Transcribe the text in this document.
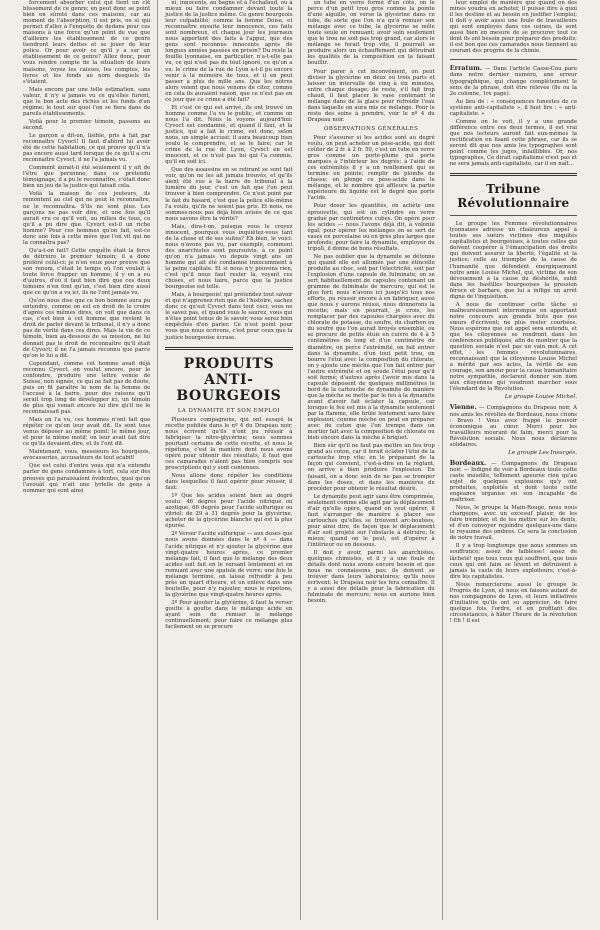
forcement absorber celui qui tient un clé blissement de ce genre; en peut donc se point bien en sûreté dans ces maisons, car au moment de l'absorption, il est pris, ou si qui permet d'aller à l'enquête de dedans pour ces maisons à une force qu'un point de vue que d'ailleurs les établissement de ce genre tiendront leurs dettes et se jouer de leur police. Or pour avoir ce qu'il y a sur un établissement de ce genre? Allez donc, pour vous rendre compte de la situation de leurs maisons, voyez les caisses, les comptes, les livres et les fonds au nom desquels ils s'étaient.

Mais encore par une telle estimation, sans valeur, il n'y a jamais vu ce qu'elles furent, que le bon acte des riches et les fonds d'un régime; le tout sur quoi l'on se fiera dans de pareils établissements.

Voilà pour le premier témoin, passons au second.

Le garçon a dit-on, lisible, pris à fait par reconnaître Cyvoct! Il faut d'abord lui avoir été de cette habitation, ce qui prouve qu'il n'a pas encore aussi tard lorsque de ce qu'il a cru reconnaître Cyvoct, il ne l'a jamais vu.

Comment aurait-il été seulement il y ait de l'être que personne, dans ce prétendu témoignage, il a pu le reconnaître, c'était donc bien un jeu de la justice qui faisait cela.

Voilà la maison de ces jouteurs, ils remontent au ciel qui ne peut le reconnaître, ne le reconnaîtra. S'ils ne sont plus. Les garçons ne pas voir dire, et une fois qu'il aurait cru ce qu'il voit, au milieu de tous, ce qu'il a pu dire que. Cyvoct est-il un riche homme? Pour ces hommes qu'on fait, est-ce donc une fois à cette mère que l'on vit qui ne la connaîtra pas?

Qu'a-t-on fait? Cette enquête était la force de détruire le premier témoin; il a donc préféré celui-ci; je n'en veux pour preuve que son renom, c'était le temps où l'on voulait à toute force frapper un homme; il y en a eu d'autres, d'où il faut bien dire que ces deux témoins n'en font qu'un, c'est bien dire aussi que ce qu'on a vu ici, ils ne l'ont jamais vu.

Qu'on nous dise que ce bon homme aura pu entendre, comme on est en droit de le croire d'après ces mêmes dires, on voit que dans ce cas, c'est bien à cet homme que revient le droit de parler devant le tribunal, il n'y a donc pas de vérité dans ces dires. Mais la vie de ce témoin, bien au-dessous de sa mission, ne lui donnait pas le droit de reconnaître qu'il était de Cyvoct; il ne l'a jamais reconnu que parce qu'on le lui a dit.

Cependant, comme cet homme avait déjà reconnu Cyvoct, on voulut encore, pour le confondre, produire une lettre venue de Suisse, non signée, ce qui ne fait pas de doute, puis on fit paraître le nom de la femme de l'accusé à la barre, pour des raisons qu'il serait trop long de développer ici, un témoin de plus qui venait encore lui dire qu'il ne le reconnaissait pas.

Mais on l'a vu, ces hommes n'ont fait que répéter ce qu'on leur avait dit. Ils sont tous venus déposer au même point; le même jour, et pour le même motif; on leur avait fait dire ce qu'ils devaient dire, et ils l'ont dit.

Maintenant, vous, messieurs les bourgeois, avocasseries, accusateurs de tout acabit!

Que est celui d'entre vous qui n'a entendu parler de gens condamnés à tort, cela sur des preuves qui paraissaient évidentes, quoi qu'on l'avouât qui n'ait une lyrielle de gens à nommer qui sont ainsi

ni, innocents, au bagne et à l'échafaud, ou à mieux ou faire condamner devant toute la justice de la justice même. Ce genre bourgeois leur culpabilité, comme la femme Doise, et reconnaître ensuite leur innocence, ces faits sont nombreux, et chaque jour les journaux nous apportent des faits à l'appui, que des gens sont reconnus innocents après de longues années passées en prison? Du reste la fouille lyonnaise, en particulier, n'a-t-elle pas vu, ce qui n'est pas du tout ignoré, ce qu'on a vu: le crime de la rue de Lyon a-t-il pu encore venir à la mémoire de tous, et il en peut passer à plus de mille ans. Que les nôtres alors voient que nous venons de citer, comme en cela ils auraient raison, que ce n'est pas en ce jour que ce crime a été fait?

Et c'est ce qui est arrivé, ils ont trouvé un homme comme l'a vu le public, et comme on nous l'a dit. Nous le voyons aujourd'hui: Cyvoct est condamné, et quand il faut, et la justice, qui a fait le crime, est donc, selon nous, un simple accusé; il aura beaucoup bien voulu le comprendre, et se le faire; car le crime de la rue de Lyon, Cyvoct en est innocent, et ce n'est pas lui qui l'a commis, qu'il en soit ici.

Que des assassins en se retirant se sont fait voir, qu'on ne les ait jamais trouvés, et qu'ils aient été vus à la barre de tribunal à la lumière du jour, c'est un fait que l'on peut trouver à bien comprendre. Ce n'est point par le fait du hasard, c'est que la police elle-même l'a voulu, qu'ils ne soient pas pris. Et nous, ne sommes-nous pas déjà bien avisés de ce que nous savons être la vérité?

Mais, dira-t-on, puisque vous le croyez innocent, pourquoi vous inquiétez-vous tant de la chose et de ses suites? Eh bien, le voici: nous n'avons pas vu, par exemple, comment des anarchistes sont poursuivis; à ce point qu'on n'a jamais vu depuis vingt ans un homme qui ait été condamné innocemment à la peine capitale. Et si nous n'y pouvons rien, c'est qu'il nous faut rester là, voyant ces choses, et nous taire, parce que la justice bourgeoise est telle.

Mais, à bourgeois! qui prétendez tout savoir et qui n'apprenez rien que de l'histoire, sachez donc ce qu'est Cyvoct dans tout ceci; vous ne le savez pas, et quand vous le saurez, vous qui n'êtes point tenus de le savoir, vous serez bien empêchés d'en parler. Ce n'est point pour vous que nous écrivons, c'est pour ceux que la justice bourgeoise écrase.

PRODUITS ANTI-BOURGEOIS
LA DYNAMITE ET SON EMPLOI

Plusieurs compagnons, qui ont essayé la recette publiée dans le nº 4 du Drapeau noir, nous écrivent qu'ils n'ont pu réussir à fabriquer la nitro-glycérine; nous sommes pourtant certains de cette recette, et nous le répétons, c'est la manière dont nous avons opéré pour obtenir des résultats, il faut que ces camarades n'aient pas bien compris nos prescriptions qui y sont contenues.

Nous allons donc répéter les conditions dans lesquelles il faut opérer pour réussir, il faut:

1º Que les acides soient bien au degré voulu: 46 degrés pour l'acide nitrique ou azotique, 66 degrés pour l'acide sulfurique ou vitriol; de 29 à 31 degrés pour la glycérine, acheter de la glycérine blanche qui est la plus épurée.

2º Verser l'acide sulfurique — aux doses que nous avons données dans le nº 4 — dans l'acide nitrique et n'y ajouter la glycérine que vingt-quatre heures après, ce premier mélange fait, il faut que le mélange des deux acides soit fait en le versant lentement et en remuant avec une spatule de verre; une fois le mélange terminé, on laisse refroidir à peu près un quart d'heure, et on enlève dans une bouteille, pour n'y rajouter, nous le répétons, la glycérine que vingt-quatre heures après.

3º Pour ajouter la glycérine, il faut la verser goutte à goutte dans le mélange acide en ayant soin de remuer le mélange continuellement; pour faire ce mélange plus facilement on se procure

un tube en verre formé d'un côté, on le perce d'un petit trou gros comme la pointe d'une aiguille, on verse la glycérine dans ce tube, de sorte que l'on n'a qu'à remuer son mélange avec ce tube, la glycérine se mêle toute seule en remuant; avoir soin seulement que le trou ne soit pas trop grand, car alors le mélange se ferait trop vite, il pourrait se produire alors un échauffement qui détruirait les qualités de la composition en la faisant bouillir.

Pour parer à cet inconvénient, on peut diviser la glycérine en deux ou trois parts et laisser un intervalle de cinq à six minutes, entre chaque dosage; de reste, s'il fait trop chaud, il faut placer le vase contenant le mélange dans de la glace pour refroidir l'eau dans laquelle on aura mis ce mélange. Pour le reste des soins à prendre, voir le nº 4 du Drapeau noir.

OBSERVATIONS GÉNÉRALES

Pour s'assurer si les acides sont au degré voulu, on peut acheter un pèse-acide, qui doit coûter de 2 fr. à 2 fr. 50, c'est un tube en verre gros comme un porte-plume qui porte marqués à l'intérieur les degrés; à l'aide de ces extrémités il y a un renflement qui se termine en pointe; remplir de plombs de chasse; on plonge ce pèse-acide dans le mélange, et le nombre qui affleure la partie supérieure du liquide est le degré que porte l'acide.

Pour doser les quantités, on achète une éprouvette, qui est un cylindre en verre gradué par centimètres cubes. On opère pour les acides — nous l'avons déjà dit, à volonté égal; pour opérer les mélanges on se sert de vases en porcelaine ou en grès plus larges que profonds; pour faire la dynamite, employer du tripoli, il donne de bons résultats.

Ne pas oublier que la dynamite se détonne qui quand elle est allumée par une étincelle produite au choc, soit par l'électricité, soit par l'explosion d'une capsule de fulminate; on se sert habituellement de capsules contenant un gramme de fulminate de mercure, qui est le plus fort; nous n'avons ici jusqu'ici tous nos efforts, pu réussir encore à en fabriquer, aussi que nous y aurons réussi, nous donnerons la recette; mais en pourrait, je crois, les remplacer par des capsules chargées avec du chlorate de potasse, du soufre, du charbon ou du soufre que l'on aurait broyés ensemble, ou se procure de petits étuis en cuivre de 4 à 5 centimètres de long et d'un centimètre de diamètre, on perce l'extrémité, on fait entrer dans la dynamite, d'un tout petit trou, on bourre l'étui avec la composition du chlorate, on y ajoute une mèche que l'on fait entrer par l'autre extrémité et on soude l'étui pour qu'il soit fermé; d'autres après l'avoir mis dans la capsule déposent de quelques millimètres le bord de la cartouche de dynamite de manière que la mèche se mette par le feu à la dynamite avant d'avoir fait éclater la capsule, car lorsque le feu est mis à la dynamite seulement par la flamme, elle brûle lentement sans faire explosion; comme mèche on peut en préparer avec du coton que l'on trempe dans un mortier fait avec la composition de chlorate ou bien encore dans la mèche à briquet.

Bien sûr qu'il ne faut pas mettre un feu trop grand au coton, car il ferait éclater l'étui de la cartouche trop vite; en le préparant de la façon qui convient, c'est-à-dire en la réglant, on arrive à bien produire l'explosion. En faisant, on a donc soin de ne pas se tromper dans les doses, et dans les manières de procéder pour obtenir le résultat désiré.

Le dynamite peut agir sans être comprimée, seulement comme elle agit par la déplacement d'air qu'elle opère, quand on veut opérer, il faut s'arranger de manière à placer ses cartouches qu'elles se trouvent arc-boutées, pour ainsi dire, de façon que le déplacement d'air soit projeté sur l'obstacle à détruire; le mieux, quand on le peut, est d'opérer à l'intérieur ou en dessous.

Il doit y avoir, parmi les anarchistes, quelques chimistes, et il y a une foule de détails dont nous avons encore besoin et que nous ne connaissons pas; ils doivent se trouver dans leurs laboratoires; qu'ils nous écrivent; le Drapeau noir les fera connaître. Il y a aussi des détails pour la fabrication du fulminate de mercure; nous en aurions bien besoin.

leur emploi de manière que quand on des mines voudra en acheter, il puisse dire à quoi il les destine et au besoin en justifier l'emploi; il doit y avoir aussi une foule de travailleurs qui sont employés dans ces usines, ils sont aussi bien en mesure de se procurer tout ce dont ils ont besoin pour préparer des produits; il est bon que ces camarades nous tiennent au courant des progrès de la chimie.

Erratum. — Dans l'article Casse-Cou paru dans notre dernier numéro, une erreur typographique, qui change complètement le sens de la phrase, doit être relevée (8e ou la 2e colonne, 1re page).

Au lieu de : « conséquences funestes de ce système anti-capitaliste », il faut lire : « anti-capitaliste. »

Comme on le voit, il y a une grande différence entre ces deux termes, il est vrai que nos lecteurs auront fait eux-mêmes la rectification en lisant cette phrase, car ils se seront dit que nos amis les typographes sont point comme les juges, infaillibles. Or, nos typographes, Ce dirait capitalisme n'est pas et ne sera jamais anti-capitaliste, car il en naît...

Tribune Révolutionnaire

Le groupe les Femmes révolutionnaires lyonnaises adresse un chaleureux appel à toutes ses sœurs victimes des iniquités capitalistes et bourgeoises, à toutes celles qui doivent coopérer à l'émancipation des droits qui doivent assurer la liberté, l'égalité et la justice; celle au triomphe de la cause de l'humanité que défendent énergiquement notre amie Louise Michel, qui, victime de son dévouement à la cause du déshérité, subit dans les bastilles bourgeoises la pression féroce et barbare, que lui a infligé un arrêt digne de l'inquisition.

A nous de continuer cette tâche si malheureusement interrompue en apportant notre concours aux grands buts que nos sœurs d'écrivent; ne plus rester courbées. Nous espérons que cet appel sera entendu, et que les citoyennes se rendront dans les conférences publiques, afin de montrer que la question sociale n'est pas un vain mot. A cet effet, les femmes révolutionnaires, reconnaissant que la citoyenne Louise Michel a mérité par ses actes, la vérité de son courage, son amour pour la cause humanitaire notre sympathie, déclarent donner son nom aux citoyennes qui voudront marcher sous l'étendard de la Révolution.

Le groupe Louise Michel.

Vienne. — Compagnons du Drapeau noir, A nos amis les révoltés de Bordeaux, nous crions : Bravo ! Vous avez frappé le pouvoir économique au cœur. Merci pour les travailleurs mourant de faim, merci pour la Révolution sociale. Nous nous déclarons solidaires.

Le groupe Les Insurgés.

Bordeaux. — Compagnons du Drapeau noir. — Indigné de voir à Bordeaux toute cette caste maudite, tellement apeurée rien qu'au sujet de quelques explosions qu'y ont produites, exploités et dont toute cette engeance organise en son incapable de maîtriser.

Nous, le groupe la Main-Rouge, nous nous chargeons, avec un excessif plaisir, de les faire trembler, et de les mettre sur les dents, et d'en convoyer rejoindre quelques-uns dans le royaume des ombres. Ce sera la conclusion de notre travail.

Il y a trop longtemps que nous sommes en souffrance; assez de faiblesse! assez de lâcheté! que tous ceux qui souffrent, que tous ceux qui ont faim se lèvent et détruisent à jamais la caste de leurs exploiteurs; c'est-à-dire les capitalistes.

Nous remercierons aussi le groupe le Progrès de Lyon, et nous en faisons autant de nos compagnons de Lyon, et leurs initiatives d'initiative qu'ils ont su apprécier, de faire quelque fois l'ordre, et en profitant des circonstances, à hâter l'heure de la révolution ! Eh ! il est
